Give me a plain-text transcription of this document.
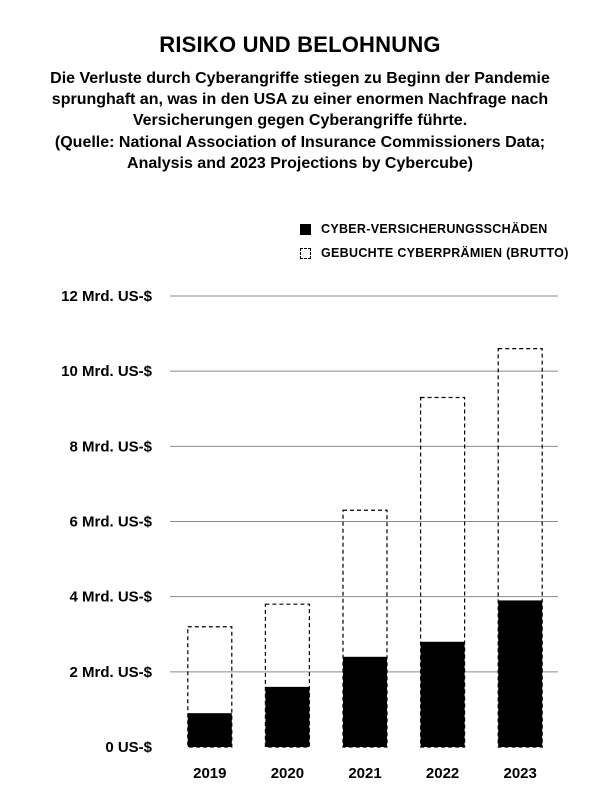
RISIKO UND BELOHNUNG

Die Verluste durch Cyberangriffe stiegen zu Beginn der Pandemie sprunghaft an, was in den USA zu einer enormen Nachfrage nach Versicherungen gegen Cyberangriffe führte.

(Quelle: National Association of Insurance Commissioners Data; Analysis and 2023 Projections by Cybercube)

CYBER-VERSICHERUNGSSCHÄDEN
GEBUCHTE CYBERPRÄMIEN (BRUTTO)
0 US-$
2 Mrd. US-$
4 Mrd. US-$
6 Mrd. US-$
8 Mrd. US-$
10 Mrd. US-$
12 Mrd. US-$
2019	2020	2021	2022	2023
